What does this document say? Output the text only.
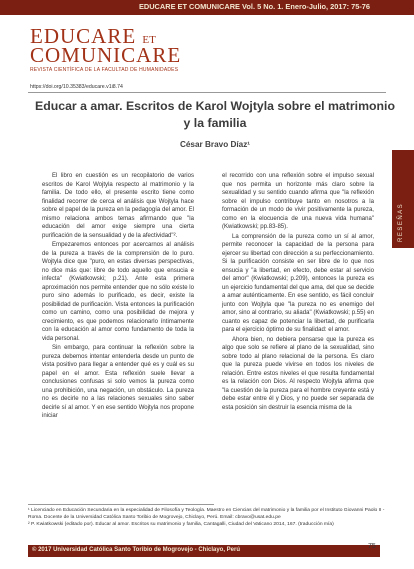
EDUCARE ET COMUNICARE Vol. 5 No. 1. Enero-Julio, 2017: 75-76
EDUCARE ET
COMUNICARE
REVISTA CIENTÍFICA DE LA FACULTAD DE HUMANIDADES
https://doi.org/10.35383/educare.v1i8.74
Educar a amar. Escritos de Karol Wojtyla sobre el matrimonio y la familia
César Bravo Díaz¹

El libro en cuestión es un recopilatorio de varios escritos de Karol Wojtyla respecto al matrimonio y la familia. De todo ello, el presente escrito tiene como finalidad recorrer de cerca el análisis que Wojtyla hace sobre el papel de la pureza en la pedagogía del amor. El mismo relaciona ambos temas afirmando que "la educación del amor exige siempre una cierta purificación de la sensualidad y de la afectividad"².

Empezaremos entonces por acercarnos al análisis de la pureza a través de la comprensión de lo puro. Wojtyla dice que "puro, en estas diversas perspectivas, no dice más que: libre de todo aquello que ensucia e infecta" (Kwiatkowski; p.21). Ante esta primera aproximación nos permite entender que no sólo existe lo puro sino además lo purificado, es decir, existe la posibilidad de purificación. Vista entonces la purificación como un camino, como una posibilidad de mejora y crecimiento, es que podemos relacionarlo íntimamente con la educación al amor como fundamento de toda la vida personal.

Sin embargo, para continuar la reflexión sobre la pureza debemos intentar entenderla desde un punto de vista positivo para llegar a entender qué es y cuál es su papel en el amor. Esta reflexión suele llevar a conclusiones confusas si solo vemos la pureza como una prohibición, una negación, un obstáculo. La pureza no es decirle no a las relaciones sexuales sino saber decirle sí al amor. Y en ese sentido Wojtyla nos propone iniciar

el recorrido con una reflexión sobre el impulso sexual que nos permita un horizonte más claro sobre la sexualidad y su sentido cuando afirma que "la reflexión sobre el impulso contribuye tanto en nosotros a la formación de un modo de vivir positivamente la pureza, como en la elocuencia de una nueva vida humana" (Kwiatkowski; pp.83-85).

La comprensión de la pureza como un sí al amor, permite reconocer la capacidad de la persona para ejercer su libertad con dirección a su perfeccionamiento. Si la purificación consiste en ser libre de lo que nos ensucia y "a libertad, en efecto, debe estar al servicio del amor" (Kwiatkowski; p.209), entonces la pureza es un ejercicio fundamental del que ama, del que se decide a amar auténticamente. En ese sentido, es fácil concluir junto con Wojtyla que "la pureza no es enemigo del amor, sino al contrario, su aliada" (Kwiatkowski; p.55) en cuanto es capaz de potenciar la libertad, de purificarla para el ejercicio óptimo de su finalidad: el amor.

Ahora bien, no debiera pensarse que la pureza es algo que solo se refiere al plano de la sexualidad, sino sobre todo al plano relacional de la persona. Es claro que la pureza puede vivirse en todos los niveles de relación. Entre estos niveles el que resulta fundamental es la relación con Dios. Al respecto Wojtyla afirma que "la cuestión de la pureza para el hombre creyente está y debe estar entre él y Dios, y no puede ser separada de esta posición sin destruir la esencia misma de la

RESEÑAS
¹ Licenciado en Educación Secundaria en la especialidad de Filosofía y Teología. Maestro en Ciencias del matrimonio y la familia por el Instituto Giovanni Paolo II - Roma. Docente de la Universidad Católica Santo Toribio de Mogrovejo, Chiclayo, Perú. Email: cbravo@usat.edu.pe
² P. Kwiatkowski (editado por). Educar al amor. Escritos su matrimonio y familia, Cantagalli, Ciudad del Vaticano 2014, 167. (traducción mía)
© 2017 Universidad Católica Santo Toribio de Mogrovejo - Chiclayo, Perú	75
